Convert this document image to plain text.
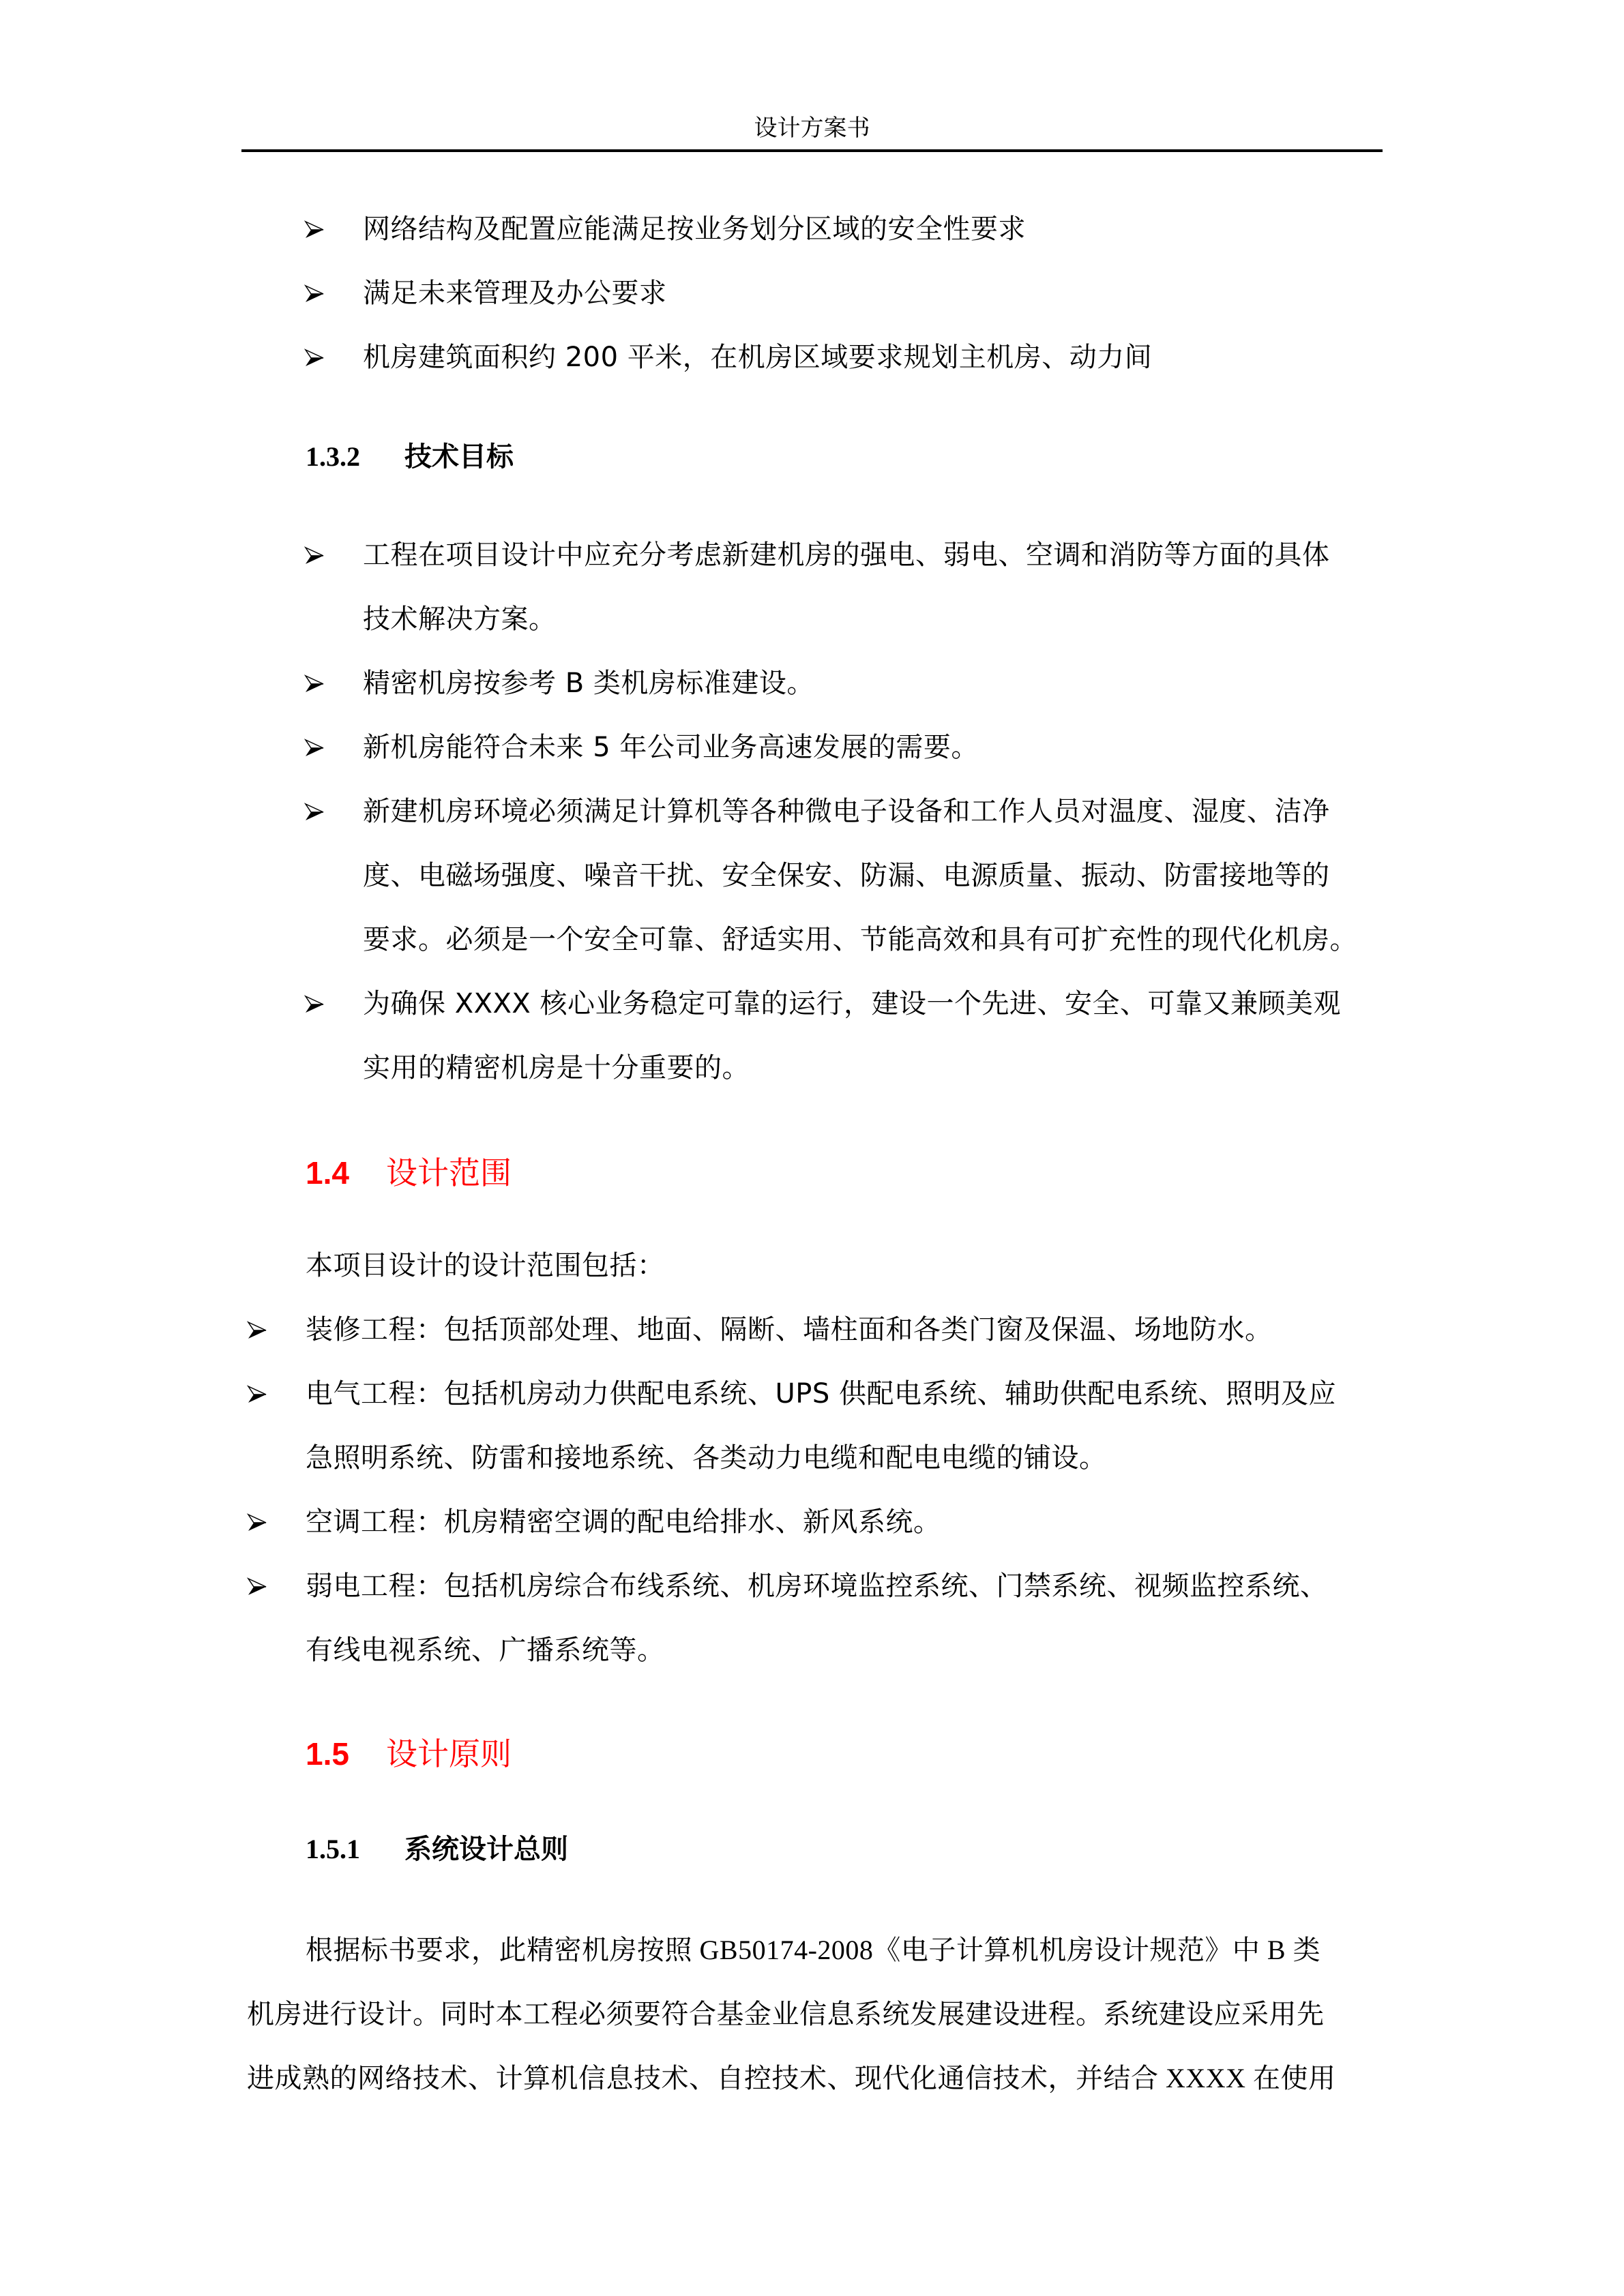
设计方案书
网络结构及配置应能满足按业务划分区域的安全性要求
满足未来管理及办公要求
机房建筑面积约 200 平米，在机房区域要求规划主机房、动力间
1.3.2 技术目标
工程在项目设计中应充分考虑新建机房的强电、弱电、空调和消防等方面的具体
技术解决方案。
精密机房按参考 B 类机房标准建设。
新机房能符合未来 5 年公司业务高速发展的需要。
新建机房环境必须满足计算机等各种微电子设备和工作人员对温度、湿度、洁净
度、电磁场强度、噪音干扰、安全保安、防漏、电源质量、振动、防雷接地等的
要求。必须是一个安全可靠、舒适实用、节能高效和具有可扩充性的现代化机房。
为确保 XXXX 核心业务稳定可靠的运行，建设一个先进、安全、可靠又兼顾美观
实用的精密机房是十分重要的。
1.4 设计范围
本项目设计的设计范围包括：
装修工程：包括顶部处理、地面、隔断、墙柱面和各类门窗及保温、场地防水。
电气工程：包括机房动力供配电系统、UPS 供配电系统、辅助供配电系统、照明及应
急照明系统、防雷和接地系统、各类动力电缆和配电电缆的铺设。
空调工程：机房精密空调的配电给排水、新风系统。
弱电工程：包括机房综合布线系统、机房环境监控系统、门禁系统、视频监控系统、
有线电视系统、广播系统等。
1.5 设计原则
1.5.1 系统设计总则
根据标书要求，此精密机房按照 GB50174-2008《电子计算机机房设计规范》中 B 类
机房进行设计。同时本工程必须要符合基金业信息系统发展建设进程。系统建设应采用先
进成熟的网络技术、计算机信息技术、自控技术、现代化通信技术，并结合 XXXX 在使用
